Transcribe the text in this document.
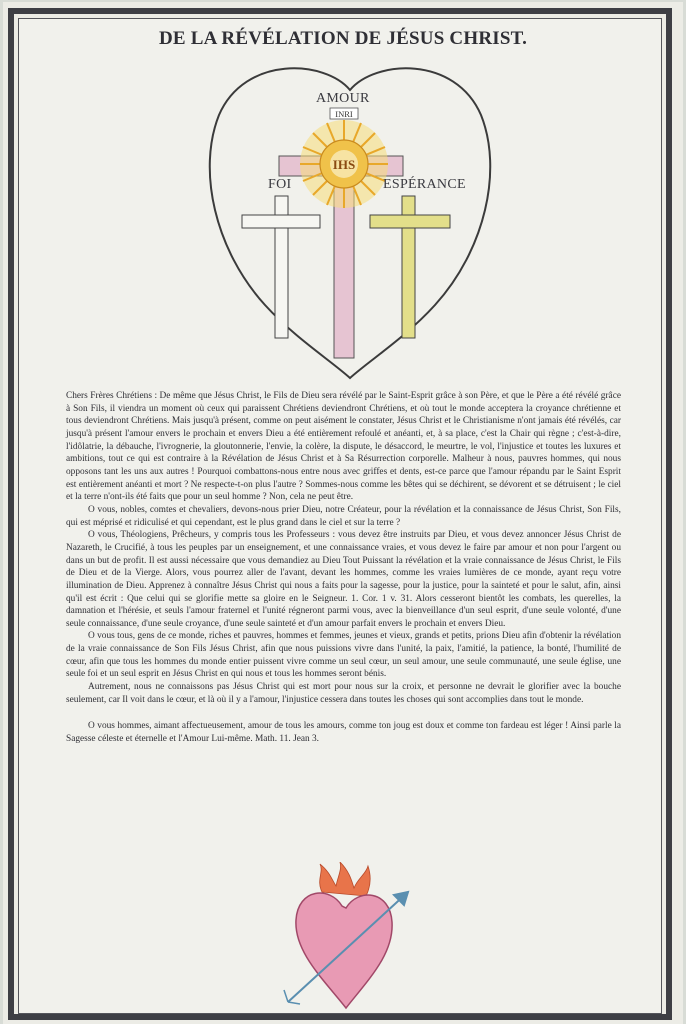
DE LA RÉVÉLATION DE JÉSUS CHRIST.
IHS
INRI
AMOUR
FOI	ESPÉRANCE

Chers Frères Chrétiens : De même que Jésus Christ, le Fils de Dieu sera révélé par le Saint-Esprit grâce à son Père, et que le Père a été révélé grâce à Son Fils, il viendra un moment où ceux qui paraissent Chrétiens deviendront Chrétiens, et où tout le monde acceptera la croyance chrétienne et tous deviendront Chrétiens. Mais jusqu'à présent, comme on peut aisément le constater, Jésus Christ et le Christianisme n'ont jamais été révélés, car jusqu'à présent l'amour envers le prochain et envers Dieu a été entièrement refoulé et anéanti, et, à sa place, c'est la Chair qui règne ; c'est-à-dire, l'idôlatrie, la débauche, l'ivrognerie, la gloutonnerie, l'envie, la colère, la dispute, le désaccord, le meurtre, le vol, l'injustice et toutes les luxures et ambitions, tout ce qui est contraire à la Révélation de Jésus Christ et à Sa Résurrection corporelle. Malheur à nous, pauvres hommes, qui nous opposons tant les uns aux autres ! Pourquoi combattons-nous entre nous avec griffes et dents, est-ce parce que l'amour répandu par le Saint Esprit est entièrement anéanti et mort ? Ne respecte-t-on plus l'autre ? Sommes-nous comme les bêtes qui se déchirent, se dévorent et se détruisent ; le ciel et la terre n'ont-ils été faits que pour un seul homme ? Non, cela ne peut être.

O vous, nobles, comtes et chevaliers, devons-nous prier Dieu, notre Créateur, pour la révélation et la connaissance de Jésus Christ, Son Fils, qui est méprisé et ridiculisé et qui cependant, est le plus grand dans le ciel et sur la terre ?

O vous, Théologiens, Prêcheurs, y compris tous les Professeurs : vous devez être instruits par Dieu, et vous devez annoncer Jésus Christ de Nazareth, le Crucifié, à tous les peuples par un enseignement, et une connaissance vraies, et vous devez le faire par amour et non pour l'argent ou dans un but de profit. Il est aussi nécessaire que vous demandiez au Dieu Tout Puissant la révélation et la vraie connaissance de Jésus Christ, le Fils de Dieu et de la Vierge. Alors, vous pourrez aller de l'avant, devant les hommes, comme les vraies lumières de ce monde, ayant reçu votre illumination de Dieu. Apprenez à connaître Jésus Christ qui nous a faits pour la sagesse, pour la justice, pour la sainteté et pour le salut, afin, ainsi qu'il est écrit : Que celui qui se glorifie mette sa gloire en le Seigneur. 1. Cor. 1 v. 31. Alors cesseront bientôt les combats, les querelles, la damnation et l'hérésie, et seuls l'amour fraternel et l'unité régneront parmi vous, avec la bienveillance d'un seul esprit, d'une seule volonté, d'une seule connaissance, d'une seule croyance, d'une seule sainteté et d'un amour parfait envers le prochain et envers Dieu.

O vous tous, gens de ce monde, riches et pauvres, hommes et femmes, jeunes et vieux, grands et petits, prions Dieu afin d'obtenir la révélation de la vraie connaissance de Son Fils Jésus Christ, afin que nous puissions vivre dans l'unité, la paix, l'amitié, la patience, la bonté, l'humilité de cœur, afin que tous les hommes du monde entier puissent vivre comme un seul cœur, un seul amour, une seule communauté, une seule église, une seule foi et un seul esprit en Jésus Christ en qui nous et tous les hommes seront bénis.

Autrement, nous ne connaissons pas Jésus Christ qui est mort pour nous sur la croix, et personne ne devrait le glorifier avec la bouche seulement, car Il voit dans le cœur, et là où il y a l'amour, l'injustice cessera dans toutes les choses qui sont accomplies dans tout le monde.

O vous hommes, aimant affectueusement, amour de tous les amours, comme ton joug est doux et comme ton fardeau est léger ! Ainsi parle la Sagesse céleste et éternelle et l'Amour Lui-même. Math. 11. Jean 3.
